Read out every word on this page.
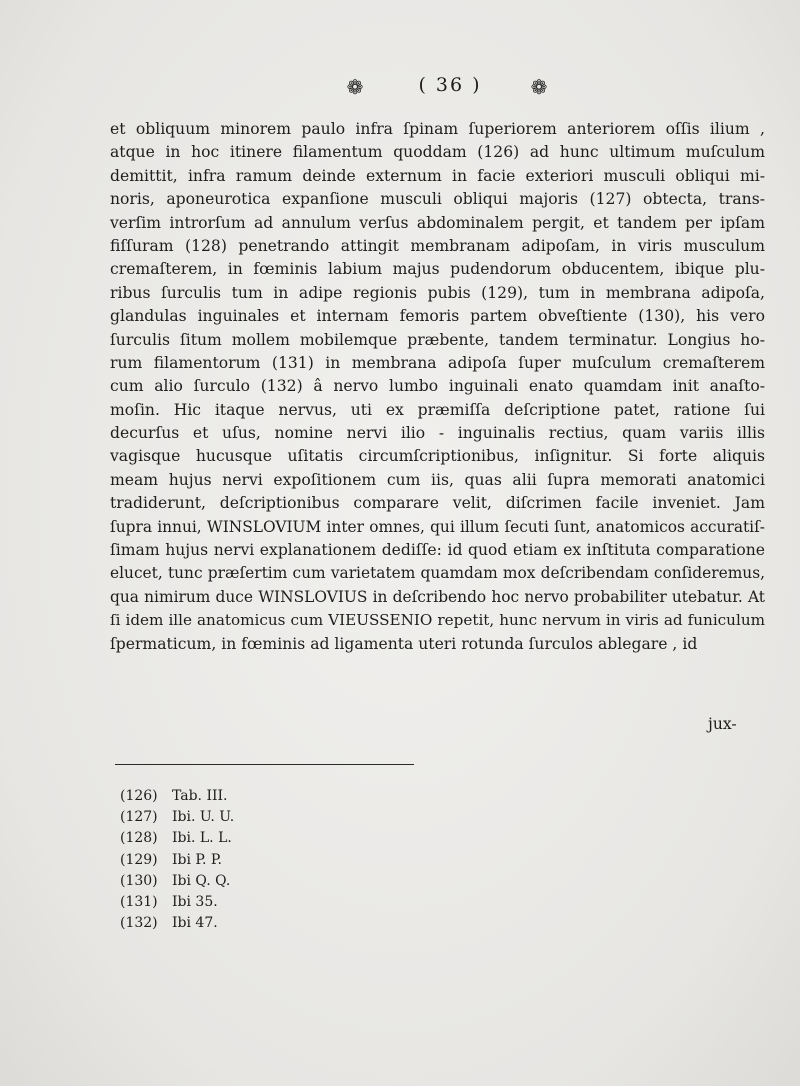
❁	( 36 )	❁
et obliquum minorem paulo infra ſpinam ſuperiorem anteriorem oſſis ilium ,
atque in hoc itinere filamentum quoddam (126) ad hunc ultimum muſculum
demittit, infra ramum deinde externum in facie exteriori musculi obliqui mi-
noris, aponeurotica expanſione musculi obliqui majoris (127) obtecta, trans-
verſim introrſum ad annulum verſus abdominalem pergit, et tandem per ipſam
fiſſuram (128) penetrando attingit membranam adipoſam, in viris musculum
cremaſterem, in fœminis labium majus pudendorum obducentem, ibique plu-
ribus ſurculis tum in adipe regionis pubis (129), tum in membrana adipoſa,
glandulas inguinales et internam femoris partem obveſtiente (130), his vero
ſurculis ſitum mollem mobilemque præbente, tandem terminatur. Longius ho-
rum filamentorum (131) in membrana adipoſa ſuper muſculum cremaſterem
cum alio ſurculo (132) â nervo lumbo inguinali enato quamdam init anaſto-
moſin. Hic itaque nervus, uti ex præmiſſa deſcriptione patet, ratione ſui
decurſus et uſus, nomine nervi ilio - inguinalis rectius, quam variis illis
vagisque hucusque uſitatis circumſcriptionibus, inſignitur. Si forte aliquis
meam hujus nervi expoſitionem cum iis, quas alii ſupra memorati anatomici
tradiderunt, deſcriptionibus comparare velit, diſcrimen facile inveniet. Jam
ſupra innui, WINSLOVIUM inter omnes, qui illum ſecuti ſunt, anatomicos accuratiſ-
ſimam hujus nervi explanationem dediſſe: id quod etiam ex inſtituta comparatione
elucet, tunc præſertim cum varietatem quamdam mox deſcribendam conſideremus,
qua nimirum duce WINSLOVIUS in deſcribendo hoc nervo probabiliter utebatur. At
ſi idem ille anatomicus cum VIEUSSENIO repetit, hunc nervum in viris ad funiculum
ſpermaticum, in fœminis ad ligamenta uteri rotunda ſurculos ablegare , id
jux-
(126) Tab. III.
(127) Ibi. U. U.
(128) Ibi. L. L.
(129) Ibi P. P.
(130) Ibi Q. Q.
(131) Ibi 35.
(132) Ibi 47.
